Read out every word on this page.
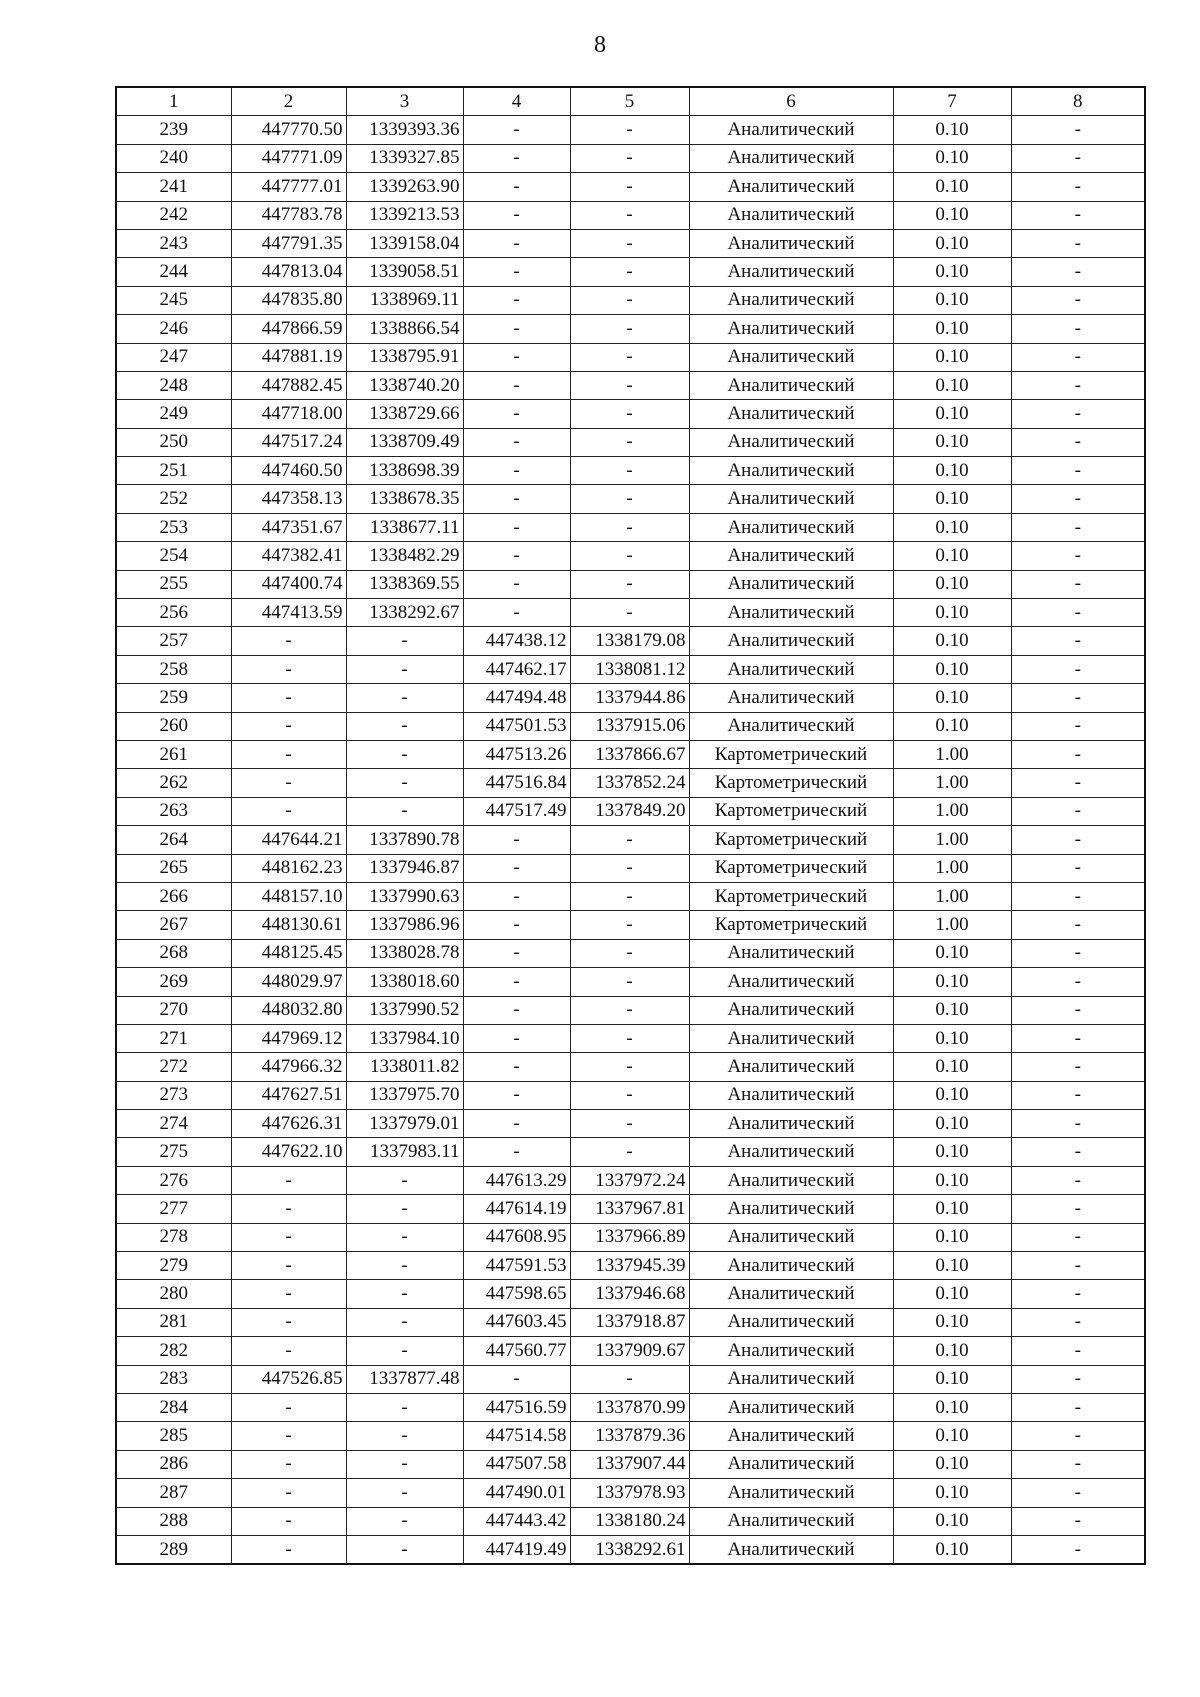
8
1	2	3	4	5	6	7	8
239	447770.50	1339393.36	-	-	Аналитический	0.10	-
240	447771.09	1339327.85	-	-	Аналитический	0.10	-
241	447777.01	1339263.90	-	-	Аналитический	0.10	-
242	447783.78	1339213.53	-	-	Аналитический	0.10	-
243	447791.35	1339158.04	-	-	Аналитический	0.10	-
244	447813.04	1339058.51	-	-	Аналитический	0.10	-
245	447835.80	1338969.11	-	-	Аналитический	0.10	-
246	447866.59	1338866.54	-	-	Аналитический	0.10	-
247	447881.19	1338795.91	-	-	Аналитический	0.10	-
248	447882.45	1338740.20	-	-	Аналитический	0.10	-
249	447718.00	1338729.66	-	-	Аналитический	0.10	-
250	447517.24	1338709.49	-	-	Аналитический	0.10	-
251	447460.50	1338698.39	-	-	Аналитический	0.10	-
252	447358.13	1338678.35	-	-	Аналитический	0.10	-
253	447351.67	1338677.11	-	-	Аналитический	0.10	-
254	447382.41	1338482.29	-	-	Аналитический	0.10	-
255	447400.74	1338369.55	-	-	Аналитический	0.10	-
256	447413.59	1338292.67	-	-	Аналитический	0.10	-
257	-	-	447438.12	1338179.08	Аналитический	0.10	-
258	-	-	447462.17	1338081.12	Аналитический	0.10	-
259	-	-	447494.48	1337944.86	Аналитический	0.10	-
260	-	-	447501.53	1337915.06	Аналитический	0.10	-
261	-	-	447513.26	1337866.67	Картометрический	1.00	-
262	-	-	447516.84	1337852.24	Картометрический	1.00	-
263	-	-	447517.49	1337849.20	Картометрический	1.00	-
264	447644.21	1337890.78	-	-	Картометрический	1.00	-
265	448162.23	1337946.87	-	-	Картометрический	1.00	-
266	448157.10	1337990.63	-	-	Картометрический	1.00	-
267	448130.61	1337986.96	-	-	Картометрический	1.00	-
268	448125.45	1338028.78	-	-	Аналитический	0.10	-
269	448029.97	1338018.60	-	-	Аналитический	0.10	-
270	448032.80	1337990.52	-	-	Аналитический	0.10	-
271	447969.12	1337984.10	-	-	Аналитический	0.10	-
272	447966.32	1338011.82	-	-	Аналитический	0.10	-
273	447627.51	1337975.70	-	-	Аналитический	0.10	-
274	447626.31	1337979.01	-	-	Аналитический	0.10	-
275	447622.10	1337983.11	-	-	Аналитический	0.10	-
276	-	-	447613.29	1337972.24	Аналитический	0.10	-
277	-	-	447614.19	1337967.81	Аналитический	0.10	-
278	-	-	447608.95	1337966.89	Аналитический	0.10	-
279	-	-	447591.53	1337945.39	Аналитический	0.10	-
280	-	-	447598.65	1337946.68	Аналитический	0.10	-
281	-	-	447603.45	1337918.87	Аналитический	0.10	-
282	-	-	447560.77	1337909.67	Аналитический	0.10	-
283	447526.85	1337877.48	-	-	Аналитический	0.10	-
284	-	-	447516.59	1337870.99	Аналитический	0.10	-
285	-	-	447514.58	1337879.36	Аналитический	0.10	-
286	-	-	447507.58	1337907.44	Аналитический	0.10	-
287	-	-	447490.01	1337978.93	Аналитический	0.10	-
288	-	-	447443.42	1338180.24	Аналитический	0.10	-
289	-	-	447419.49	1338292.61	Аналитический	0.10	-
